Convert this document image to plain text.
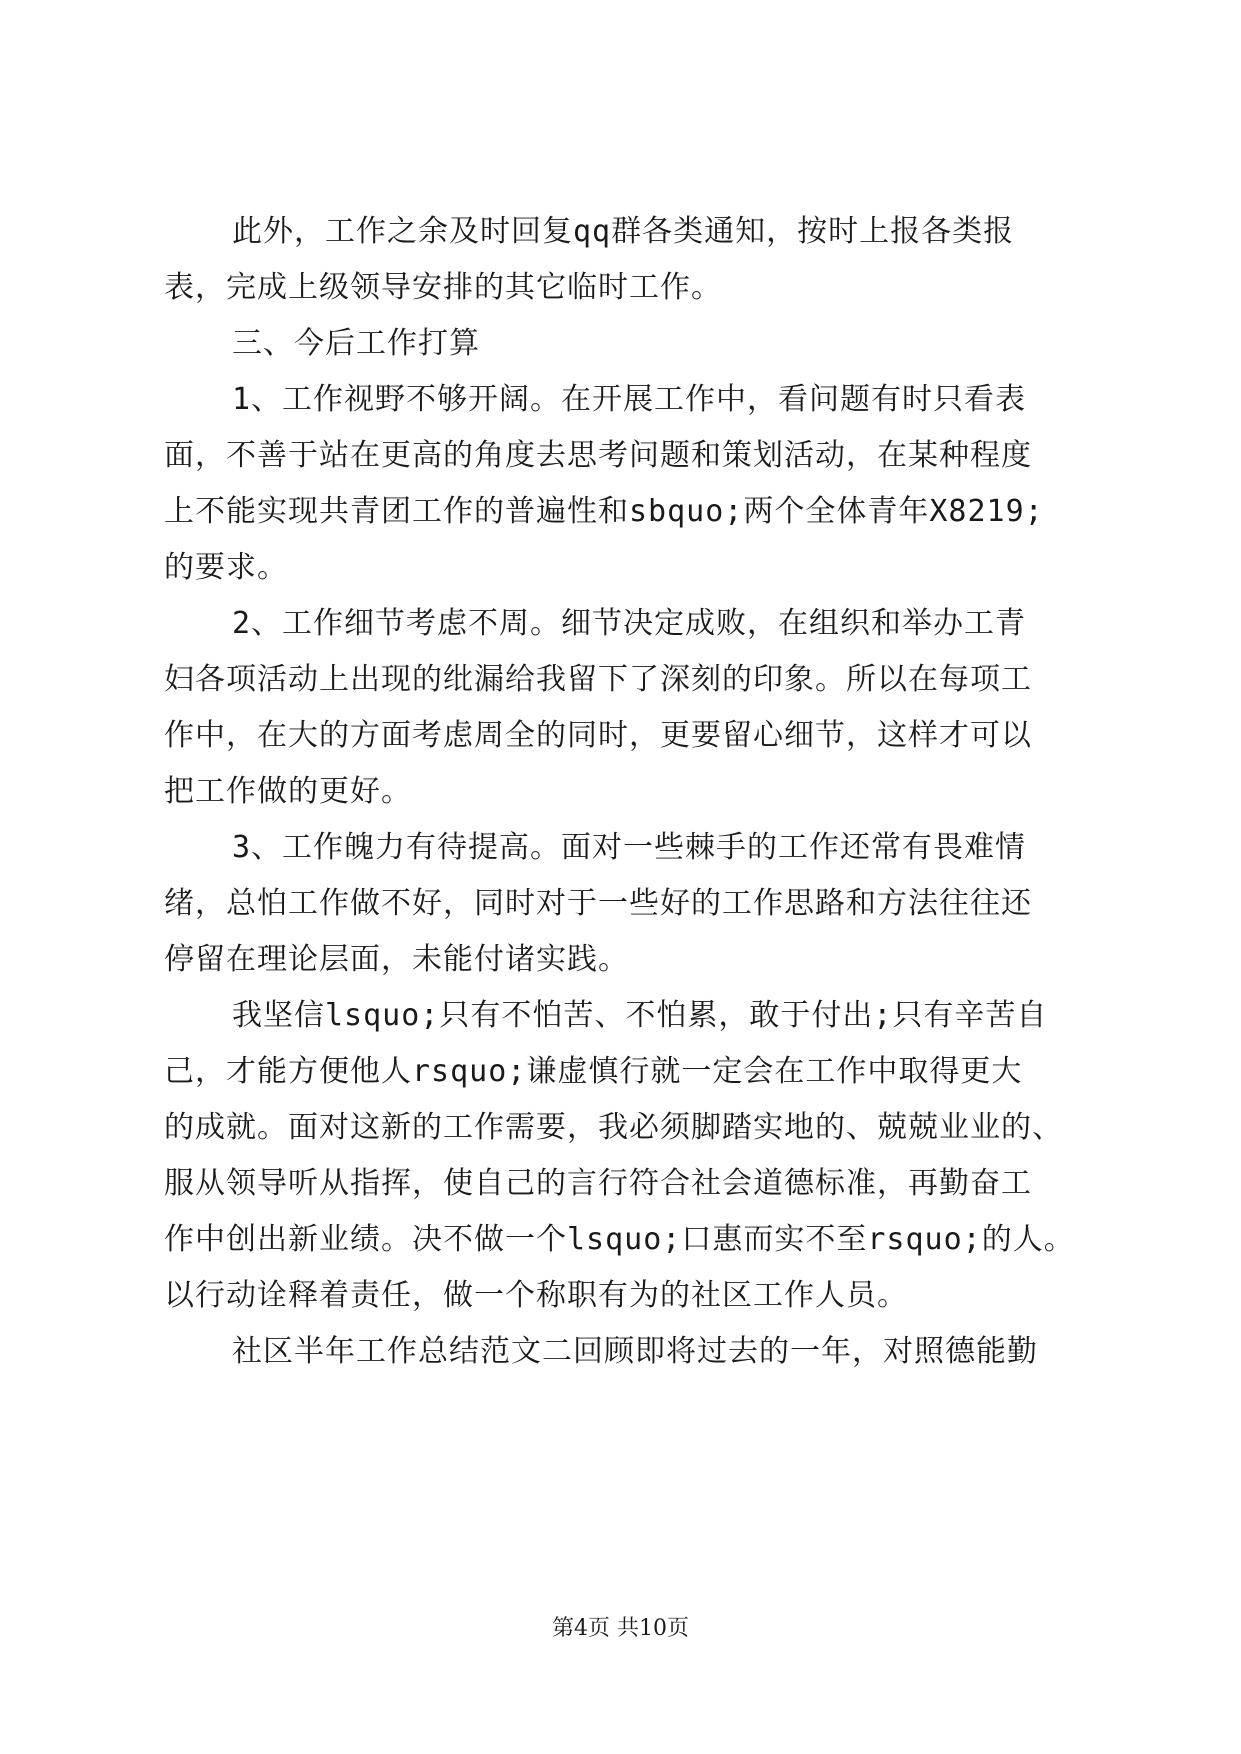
此外，工作之余及时回复qq群各类通知，按时上报各类报
表，完成上级领导安排的其它临时工作。
三、今后工作打算
1、工作视野不够开阔。在开展工作中，看问题有时只看表
面，不善于站在更高的角度去思考问题和策划活动，在某种程度
上不能实现共青团工作的普遍性和sbquo;两个全体青年X8219;
的要求。
2、工作细节考虑不周。细节决定成败，在组织和举办工青
妇各项活动上出现的纰漏给我留下了深刻的印象。所以在每项工
作中，在大的方面考虑周全的同时，更要留心细节，这样才可以
把工作做的更好。
3、工作魄力有待提高。面对一些棘手的工作还常有畏难情
绪，总怕工作做不好，同时对于一些好的工作思路和方法往往还
停留在理论层面，未能付诸实践。
我坚信lsquo;只有不怕苦、不怕累，敢于付出;只有辛苦自
己，才能方便他人rsquo;谦虚慎行就一定会在工作中取得更大
的成就。面对这新的工作需要，我必须脚踏实地的、兢兢业业的、
服从领导听从指挥，使自己的言行符合社会道德标准，再勤奋工
作中创出新业绩。决不做一个lsquo;口惠而实不至rsquo;的人。
以行动诠释着责任，做一个称职有为的社区工作人员。
社区半年工作总结范文二回顾即将过去的一年，对照德能勤
第4页 共10页
